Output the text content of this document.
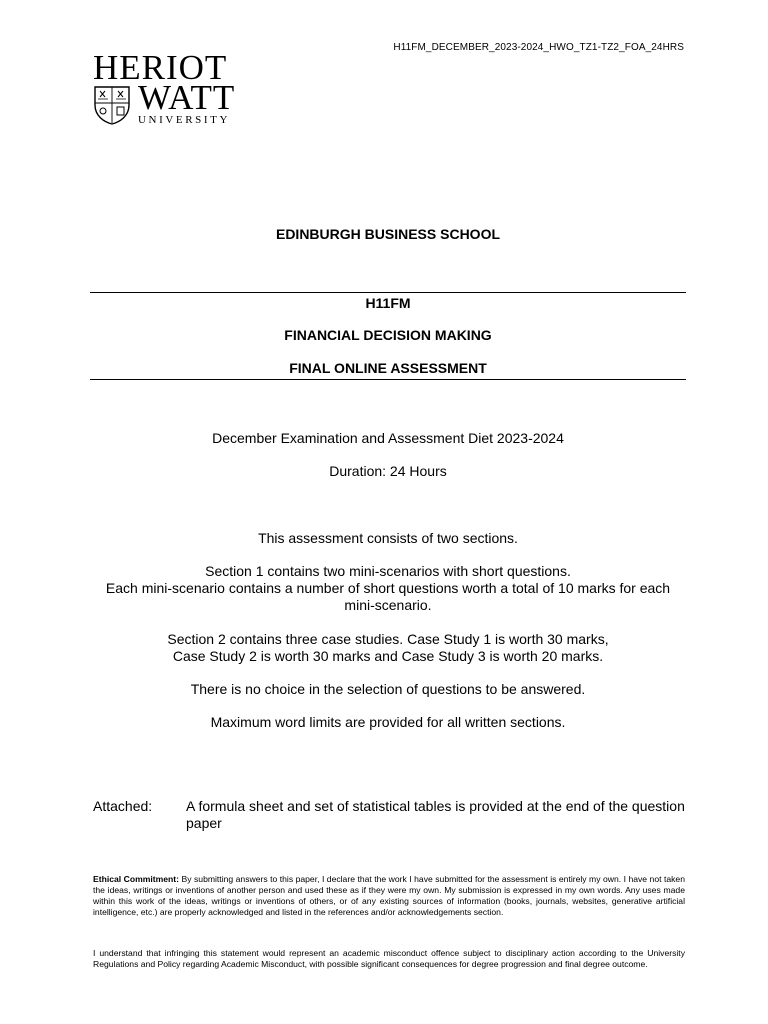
H11FM_DECEMBER_2023-2024_HWO_TZ1-TZ2_FOA_24HRS
HERIOT
WATT
UNIVERSITY
EDINBURGH BUSINESS SCHOOL
H11FM
FINANCIAL DECISION MAKING
FINAL ONLINE ASSESSMENT
December Examination and Assessment Diet 2023-2024
Duration: 24 Hours
This assessment consists of two sections.
Section 1 contains two mini-scenarios with short questions.
Each mini-scenario contains a number of short questions worth a total of 10 marks for each mini-scenario.
Section 2 contains three case studies. Case Study 1 is worth 30 marks,
Case Study 2 is worth 30 marks and Case Study 3 is worth 20 marks.
There is no choice in the selection of questions to be answered.
Maximum word limits are provided for all written sections.
Attached: A formula sheet and set of statistical tables is provided at the end of the question paper
Ethical Commitment: By submitting answers to this paper, I declare that the work I have submitted for the assessment is entirely my own. I have not taken the ideas, writings or inventions of another person and used these as if they were my own. My submission is expressed in my own words. Any uses made within this work of the ideas, writings or inventions of others, or of any existing sources of information (books, journals, websites, generative artificial intelligence, etc.) are properly acknowledged and listed in the references and/or acknowledgements section.
I understand that infringing this statement would represent an academic misconduct offence subject to disciplinary action according to the University Regulations and Policy regarding Academic Misconduct, with possible significant consequences for degree progression and final degree outcome.
